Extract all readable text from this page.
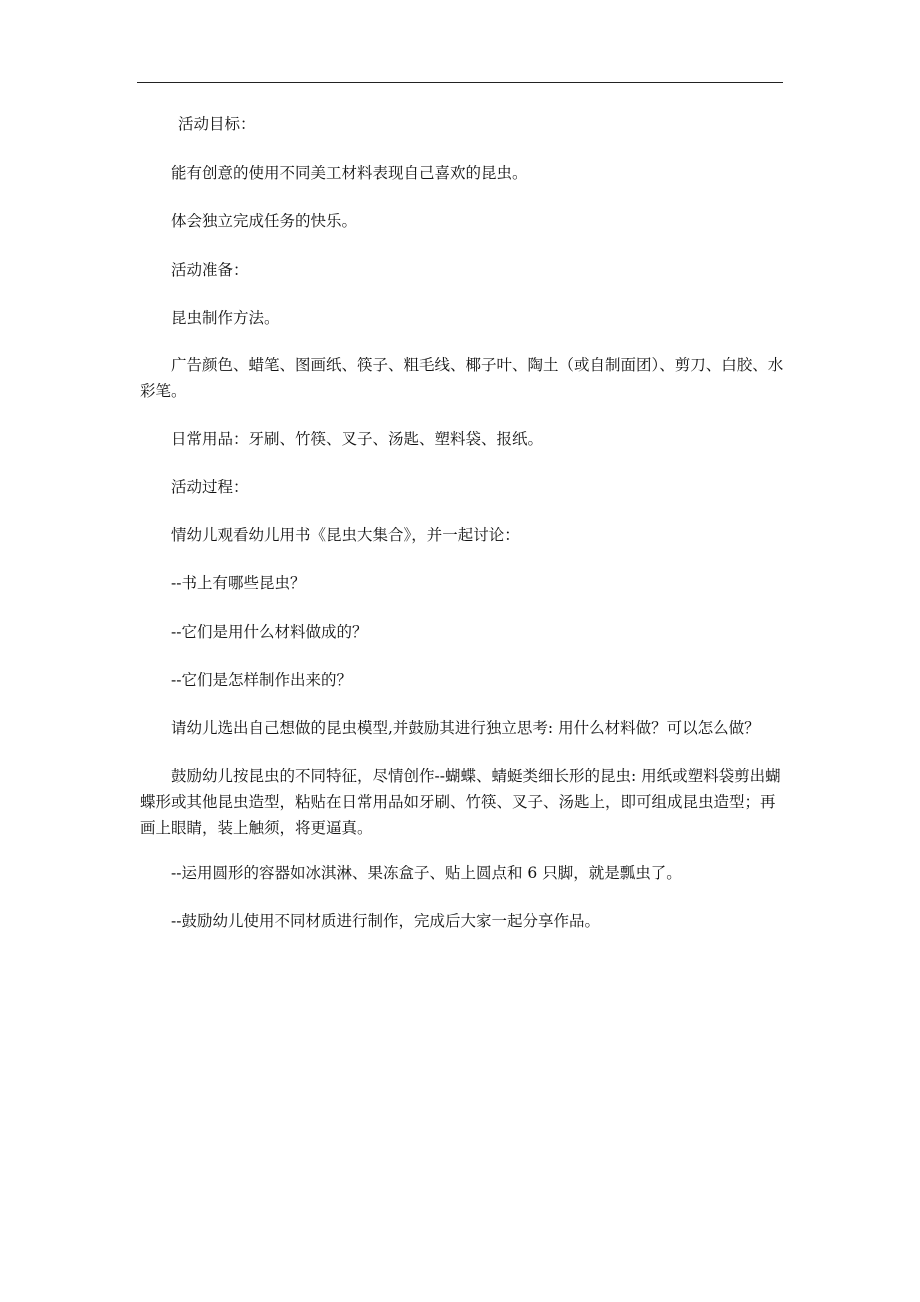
活动目标：

能有创意的使用不同美工材料表现自己喜欢的昆虫。

体会独立完成任务的快乐。

活动准备：

昆虫制作方法。

广告颜色、蜡笔、图画纸、筷子、粗毛线、椰子叶、陶土（或自制面团）、剪刀、白胶、水彩笔。

日常用品：牙刷、竹筷、叉子、汤匙、塑料袋、报纸。

活动过程：

情幼儿观看幼儿用书《昆虫大集合》，并一起讨论：

--书上有哪些昆虫？

--它们是用什么材料做成的？

--它们是怎样制作出来的？

请幼儿选出自己想做的昆虫模型,并鼓励其进行独立思考: 用什么材料做？可以怎么做？

鼓励幼儿按昆虫的不同特征，尽情创作--蝴蝶、蜻蜓类细长形的昆虫: 用纸或塑料袋剪出蝴蝶形或其他昆虫造型，粘贴在日常用品如牙刷、竹筷、叉子、汤匙上，即可组成昆虫造型；再画上眼睛，装上触须，将更逼真。

--运用圆形的容器如冰淇淋、果冻盒子、贴上圆点和 6 只脚，就是瓢虫了。

--鼓励幼儿使用不同材质进行制作，完成后大家一起分享作品。
